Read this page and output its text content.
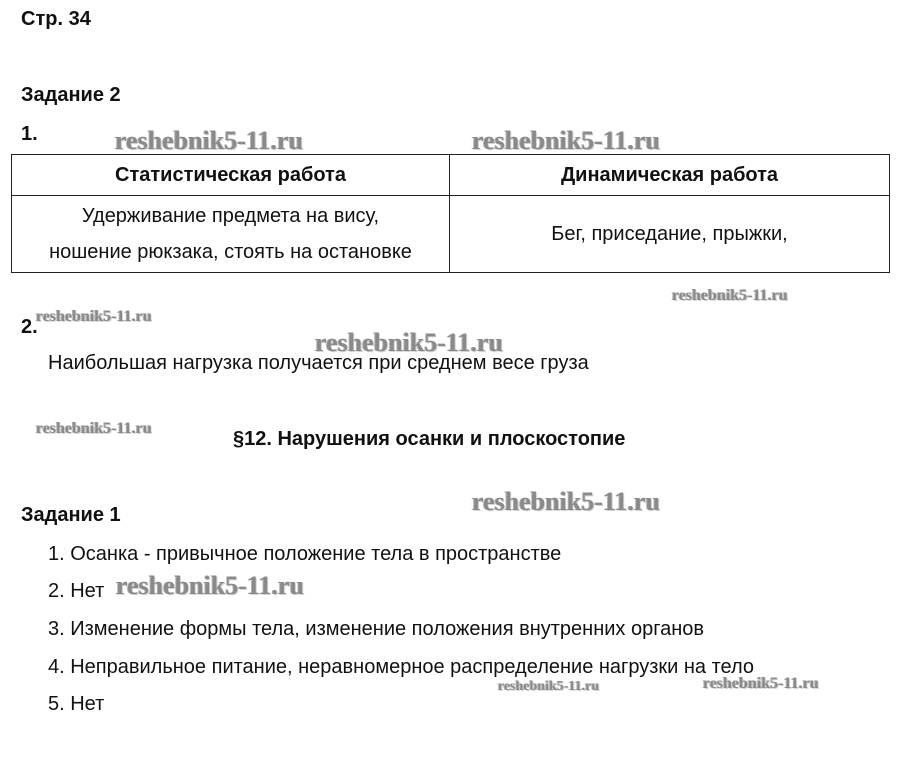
Стр. 34
Задание 2
1.
Статистическая работа	Динамическая работа

Удерживание предмета на вису,
ношение рюкзака, стоять на остановке	Бег, приседание, прыжки,
2.
Наибольшая нагрузка получается при среднем весе груза
§12. Нарушения осанки и плоскостопие
Задание 1
1. Осанка - привычное положение тела в пространстве
2. Нет
3. Изменение формы тела, изменение положения внутренних органов
4. Неправильное питание, неравномерное распределение нагрузки на тело
5. Нет
reshebnik5-11.ru	reshebnik5-11.ru
reshebnik5-11.ru
reshebnik5-11.ru
reshebnik5-11.ru
reshebnik5-11.ru
reshebnik5-11.ru
reshebnik5-11.ru
reshebnik5-11.ru	reshebnik5-11.ru
